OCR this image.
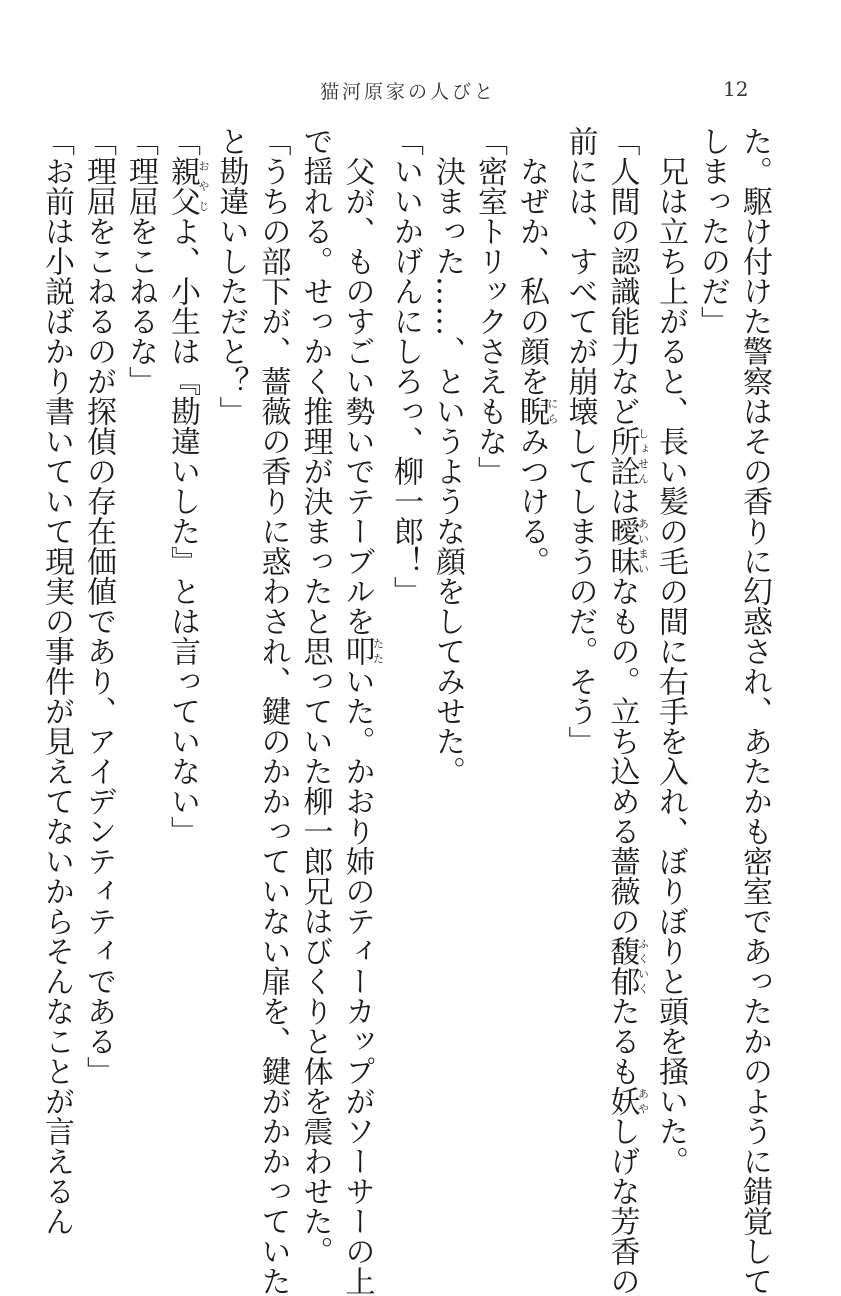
猫河原家の人びと	12
た。駆け付けた警察はその香りに幻惑され、あたかも密室であったかのように錯覚して
しまったのだ」
　兄は立ち上がると、長い髪の毛の間に右手を入れ、ぼりぼりと頭を掻いた。
「人間の認識能力など所詮しょせんは曖昧あいまいなもの。立ち込める薔薇の馥郁ふくいくたるも妖あやしげな芳香の
前には、すべてが崩壊してしまうのだ。そう」
　なぜか、私の顔を睨にらみつける。
「密室トリックさえもな」
　決まった……、というような顔をしてみせた。
「いいかげんにしろっ、柳一郎！」
　父が、ものすごい勢いでテーブルを叩たたいた。かおり姉のティーカップがソーサーの上
で揺れる。せっかく推理が決まったと思っていた柳一郎兄はびくりと体を震わせた。
「うちの部下が、薔薇の香りに惑わされ、鍵のかかっていない扉を、鍵がかかっていた
と勘違いしただと？」
「親父おやじよ、小生は『勘違いした』とは言っていない」
「理屈をこねるな」
「理屈をこねるのが探偵の存在価値であり、アイデンティティである」
「お前は小説ばかり書いていて現実の事件が見えてないからそんなことが言えるん
